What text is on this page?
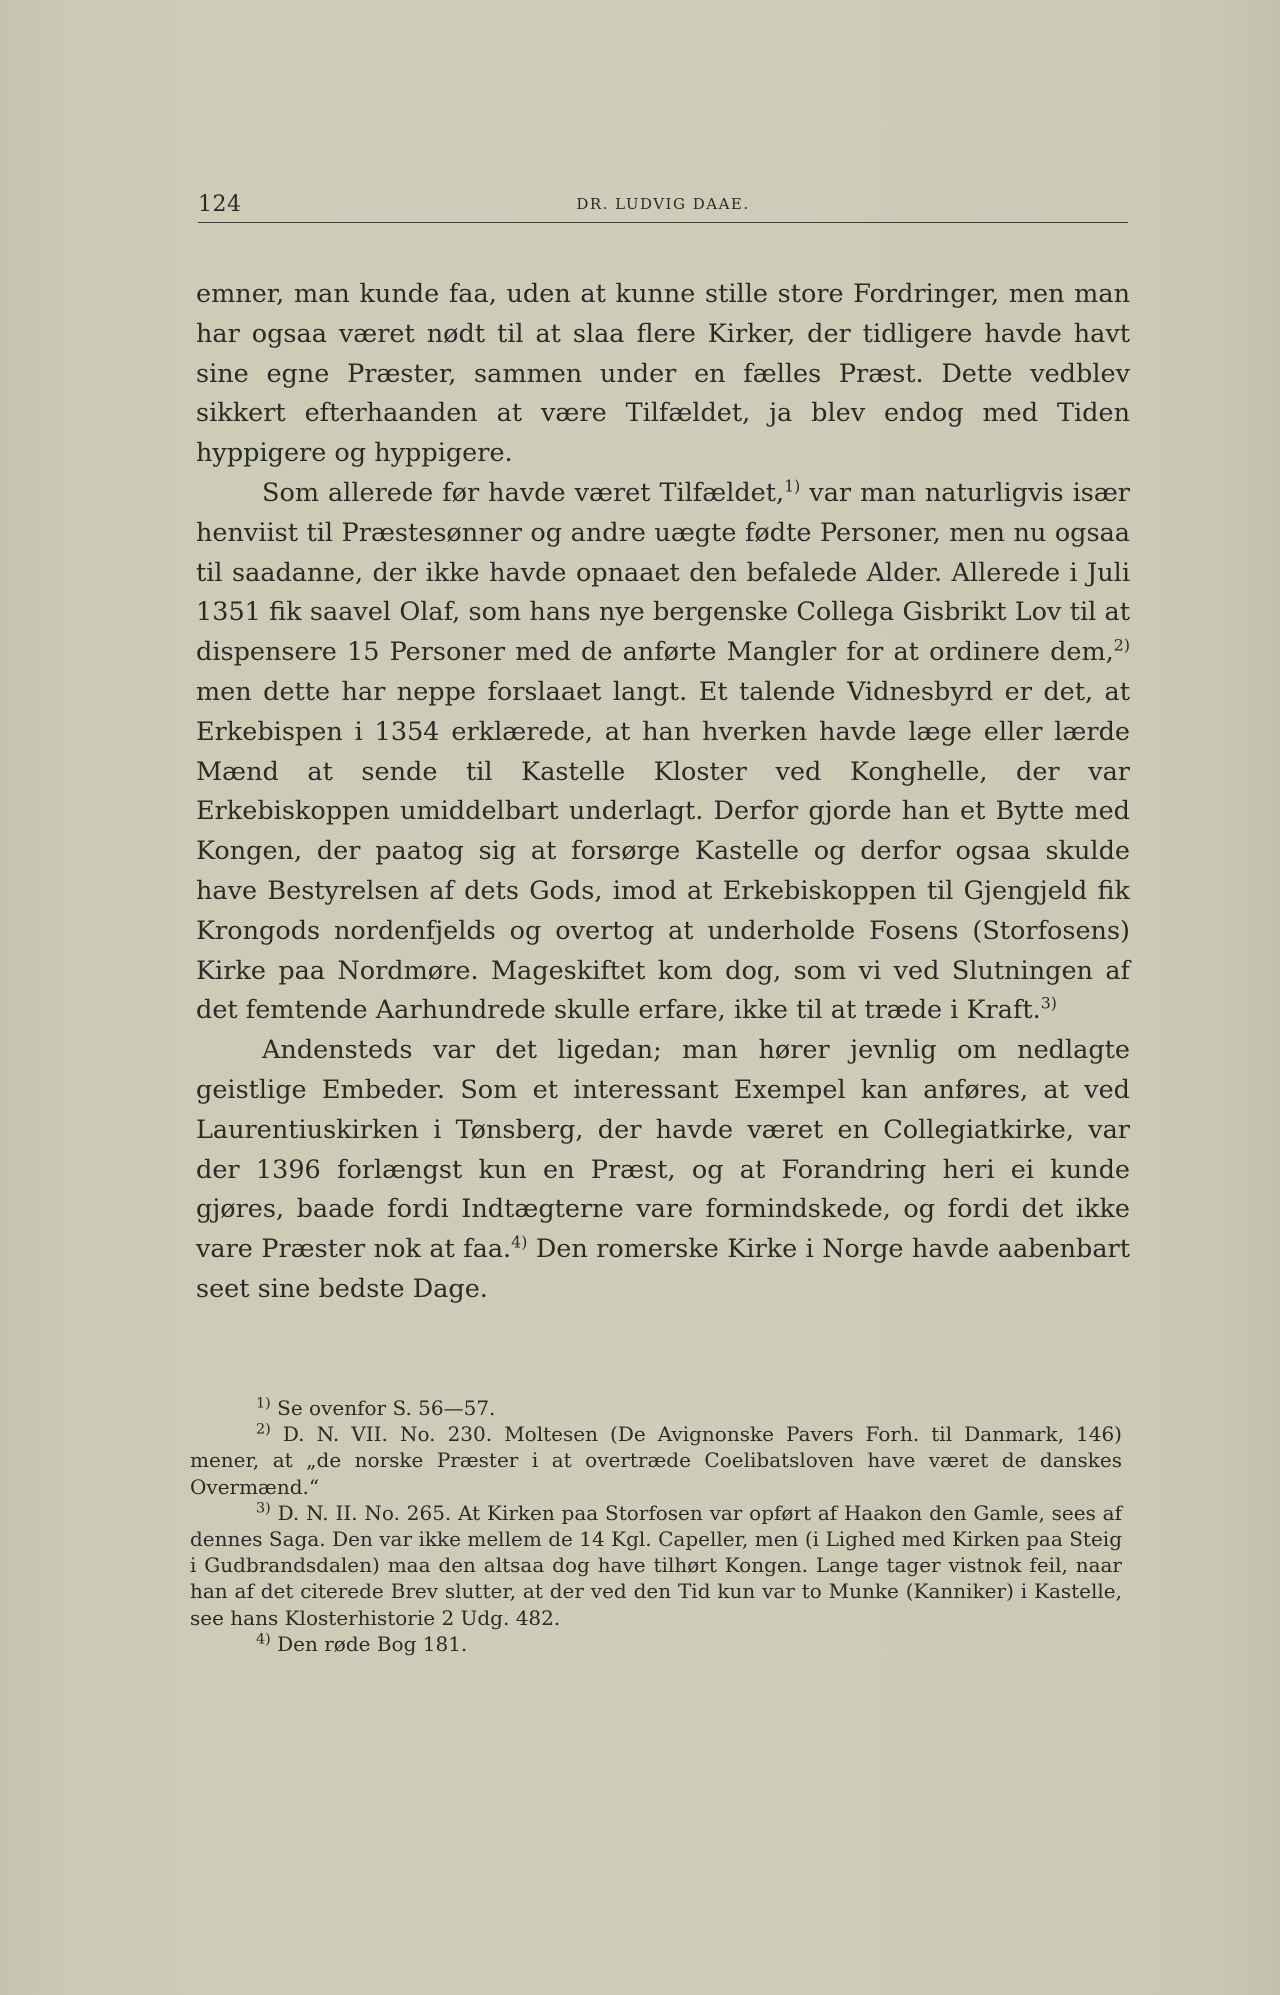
124	DR. LUDVIG DAAE.

emner, man kunde faa, uden at kunne stille store Fordringer, men man har ogsaa været nødt til at slaa flere Kirker, der tidligere havde havt sine egne Præster, sammen under en fælles Præst. Dette vedblev sikkert efterhaanden at være Tilfældet, ja blev endog med Tiden hyppigere og hyppigere.

Som allerede før havde været Tilfældet,$^{1)}$ var man naturligvis især henviist til Præstesønner og andre uægte fødte Personer, men nu ogsaa til saadanne, der ikke havde opnaaet den befalede Alder. Allerede i Juli 1351 fik saavel Olaf, som hans nye bergenske Collega Gisbrikt Lov til at dispensere 15 Personer med de anførte Mangler for at ordinere dem,$^{2)}$ men dette har neppe forslaaet langt. Et talende Vidnesbyrd er det, at Erkebispen i 1354 erklærede, at han hverken havde læge eller lærde Mænd at sende til Kastelle Kloster ved Konghelle, der var Erkebiskoppen umiddelbart underlagt. Derfor gjorde han et Bytte med Kongen, der paatog sig at forsørge Kastelle og derfor ogsaa skulde have Bestyrelsen af dets Gods, imod at Erkebiskoppen til Gjengjeld fik Krongods nordenfjelds og overtog at underholde Fosens (Storfosens) Kirke paa Nordmøre. Mageskiftet kom dog, som vi ved Slutningen af det femtende Aarhundrede skulle erfare, ikke til at træde i Kraft.$^{3)}$

Andensteds var det ligedan; man hører jevnlig om nedlagte geistlige Embeder. Som et interessant Exempel kan anføres, at ved Laurentiuskirken i Tønsberg, der havde været en Collegiatkirke, var der 1396 forlængst kun en Præst, og at Forandring heri ei kunde gjøres, baade fordi Indtægterne vare formindskede, og fordi det ikke vare Præster nok at faa.$^{4)}$ Den romerske Kirke i Norge havde aabenbart seet sine bedste Dage.

$^{1)}$ Se ovenfor S. 56—57.

$^{2)}$ D. N. VII. No. 230. Moltesen (De Avignonske Pavers Forh. til Danmark, 146) mener, at „de norske Præster i at overtræde Coelibatsloven have været de danskes Overmænd.“

$^{3)}$ D. N. II. No. 265. At Kirken paa Storfosen var opført af Haakon den Gamle, sees af dennes Saga. Den var ikke mellem de 14 Kgl. Capeller, men (i Lighed med Kirken paa Steig i Gudbrandsdalen) maa den altsaa dog have tilhørt Kongen. Lange tager vistnok feil, naar han af det citerede Brev slutter, at der ved den Tid kun var to Munke (Kanniker) i Kastelle, see hans Klosterhistorie 2 Udg. 482.

$^{4)}$ Den røde Bog 181.
